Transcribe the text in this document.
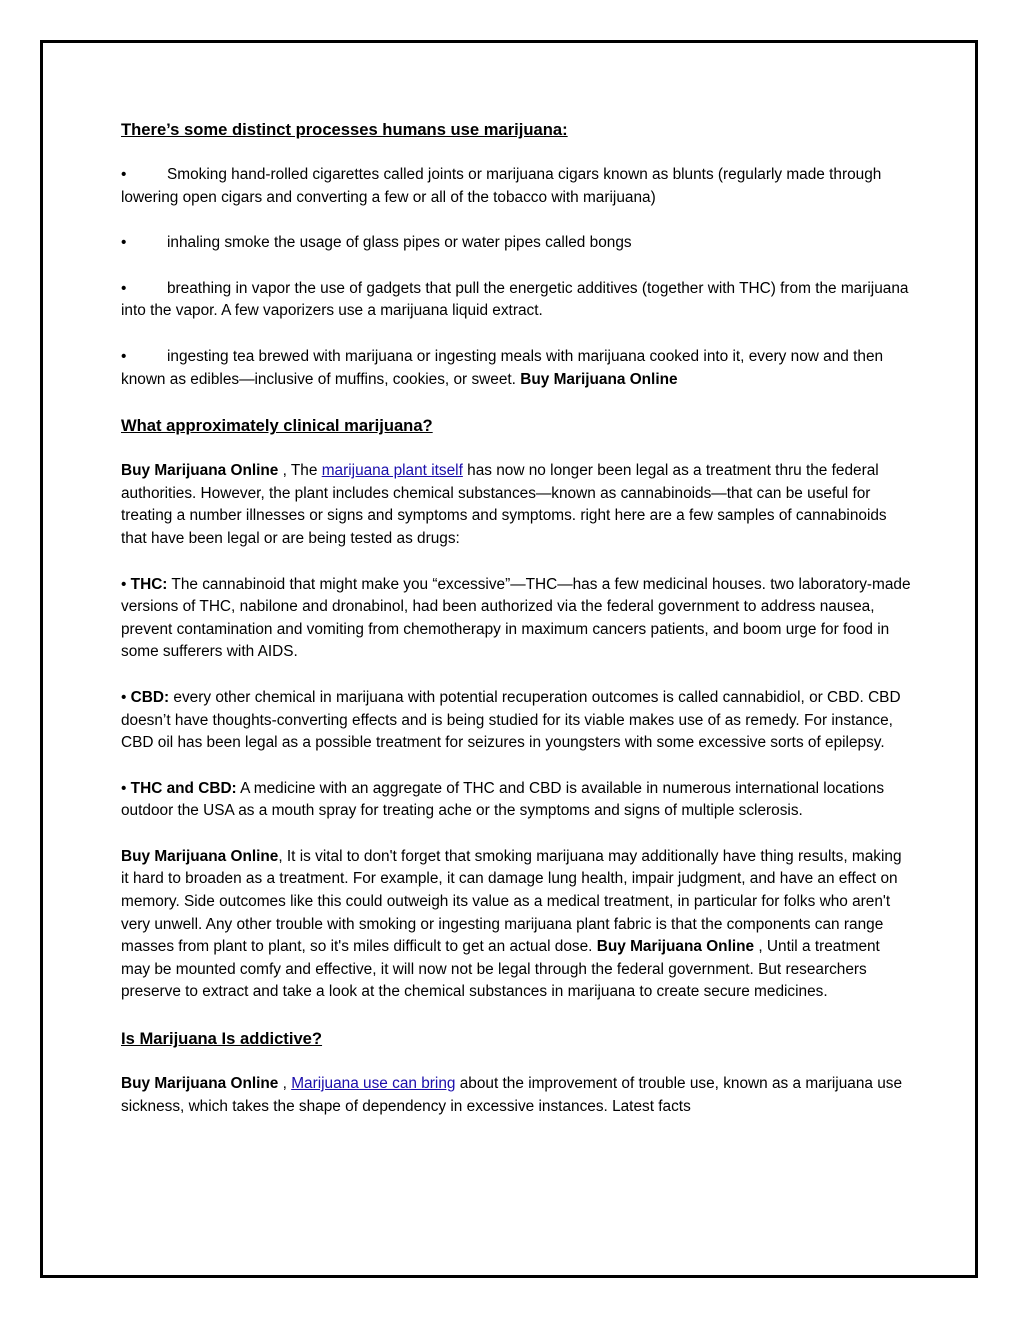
There’s some distinct processes humans use marijuana:

•	Smoking hand-rolled cigarettes called joints or marijuana cigars known as blunts (regularly made through lowering open cigars and converting a few or all of the tobacco with marijuana)

•	inhaling smoke the usage of glass pipes or water pipes called bongs

•	breathing in vapor the use of gadgets that pull the energetic additives (together with THC) from the marijuana into the vapor. A few vaporizers use a marijuana liquid extract.

•	ingesting tea brewed with marijuana or ingesting meals with marijuana cooked into it, every now and then known as edibles—inclusive of muffins, cookies, or sweet. Buy Marijuana Online

What approximately clinical marijuana?

Buy Marijuana Online , The marijuana plant itself has now no longer been legal as a treatment thru the federal authorities. However, the plant includes chemical substances—known as cannabinoids—that can be useful for treating a number illnesses or signs and symptoms and symptoms. right here are a few samples of cannabinoids that have been legal or are being tested as drugs:

• THC: The cannabinoid that might make you “excessive”—THC—has a few medicinal houses. two laboratory-made versions of THC, nabilone and dronabinol, had been authorized via the federal government to address nausea, prevent contamination and vomiting from chemotherapy in maximum cancers patients, and boom urge for food in some sufferers with AIDS.

• CBD: every other chemical in marijuana with potential recuperation outcomes is called cannabidiol, or CBD. CBD doesn’t have thoughts-converting effects and is being studied for its viable makes use of as remedy. For instance, CBD oil has been legal as a possible treatment for seizures in youngsters with some excessive sorts of epilepsy.

• THC and CBD: A medicine with an aggregate of THC and CBD is available in numerous international locations outdoor the USA as a mouth spray for treating ache or the symptoms and signs of multiple sclerosis.

Buy Marijuana Online, It is vital to don't forget that smoking marijuana may additionally have thing results, making it hard to broaden as a treatment. For example, it can damage lung health, impair judgment, and have an effect on memory. Side outcomes like this could outweigh its value as a medical treatment, in particular for folks who aren't very unwell. Any other trouble with smoking or ingesting marijuana plant fabric is that the components can range masses from plant to plant, so it's miles difficult to get an actual dose. Buy Marijuana Online , Until a treatment may be mounted comfy and effective, it will now not be legal through the federal government. But researchers preserve to extract and take a look at the chemical substances in marijuana to create secure medicines.

Is Marijuana Is addictive?

Buy Marijuana Online , Marijuana use can bring about the improvement of trouble use, known as a marijuana use sickness, which takes the shape of dependency in excessive instances. Latest facts
